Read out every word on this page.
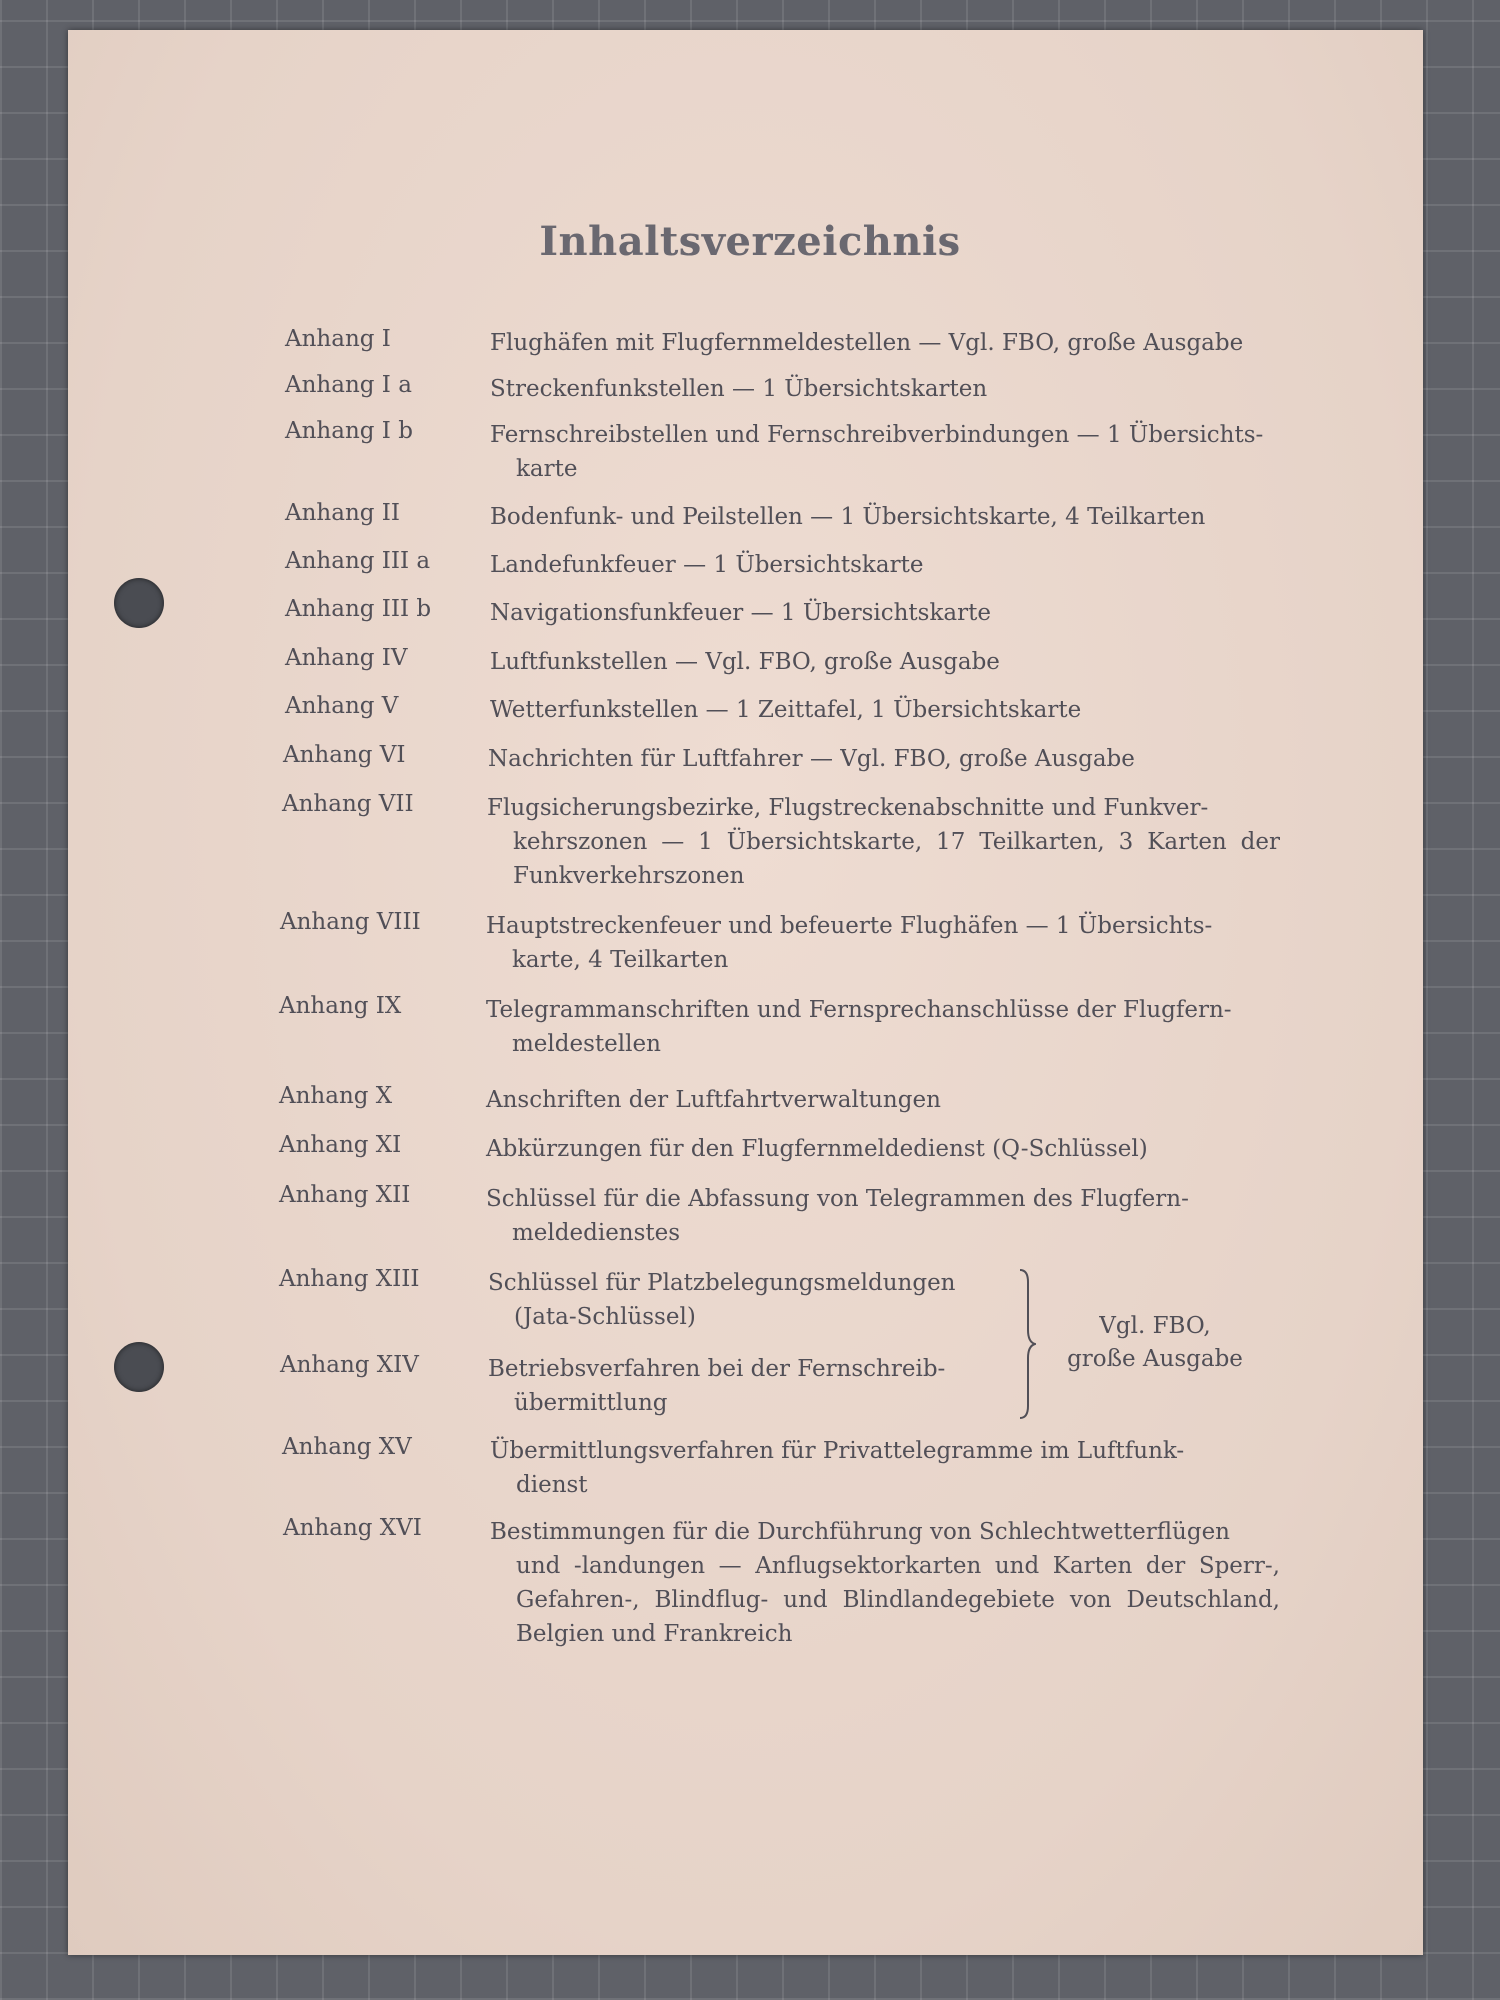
Inhaltsverzeichnis
Anhang I	Flughäfen mit Flugfernmeldestellen — Vgl. FBO, große Ausgabe
Anhang I a	Streckenfunkstellen — 1 Übersichtskarten
Anhang I b	Fernschreibstellen und Fernschreibverbindungen — 1 Übersichts-
karte
Anhang II	Bodenfunk- und Peilstellen — 1 Übersichtskarte, 4 Teilkarten
Anhang III a	Landefunkfeuer — 1 Übersichtskarte
Anhang III b	Navigationsfunkfeuer — 1 Übersichtskarte
Anhang IV	Luftfunkstellen — Vgl. FBO, große Ausgabe
Anhang V	Wetterfunkstellen — 1 Zeittafel, 1 Übersichtskarte
Anhang VI	Nachrichten für Luftfahrer — Vgl. FBO, große Ausgabe
Anhang VII	Flugsicherungsbezirke, Flugstreckenabschnitte und Funkver-
kehrszonen — 1 Übersichtskarte, 17 Teilkarten, 3 Karten der Funkverkehrszonen
Anhang VIII	Hauptstreckenfeuer und befeuerte Flughäfen — 1 Übersichts-
karte, 4 Teilkarten
Anhang IX	Telegrammanschriften und Fernsprechanschlüsse der Flugfern-
meldestellen
Anhang X	Anschriften der Luftfahrtverwaltungen
Anhang XI	Abkürzungen für den Flugfernmeldedienst (Q-Schlüssel)
Anhang XII	Schlüssel für die Abfassung von Telegrammen des Flugfern-
meldedienstes
Anhang XIII	Schlüssel für Platzbelegungsmeldungen
(Jata-Schlüssel)
Anhang XIV	Betriebsverfahren bei der Fernschreib-
übermittlung
Vgl. FBO,
große Ausgabe
Anhang XV	Übermittlungsverfahren für Privattelegramme im Luftfunk-
dienst
Anhang XVI	Bestimmungen für die Durchführung von Schlechtwetterflügen
und -landungen — Anflugsektorkarten und Karten der Sperr-, Gefahren-, Blindflug- und Blindlandegebiete von Deutschland, Belgien und Frankreich
